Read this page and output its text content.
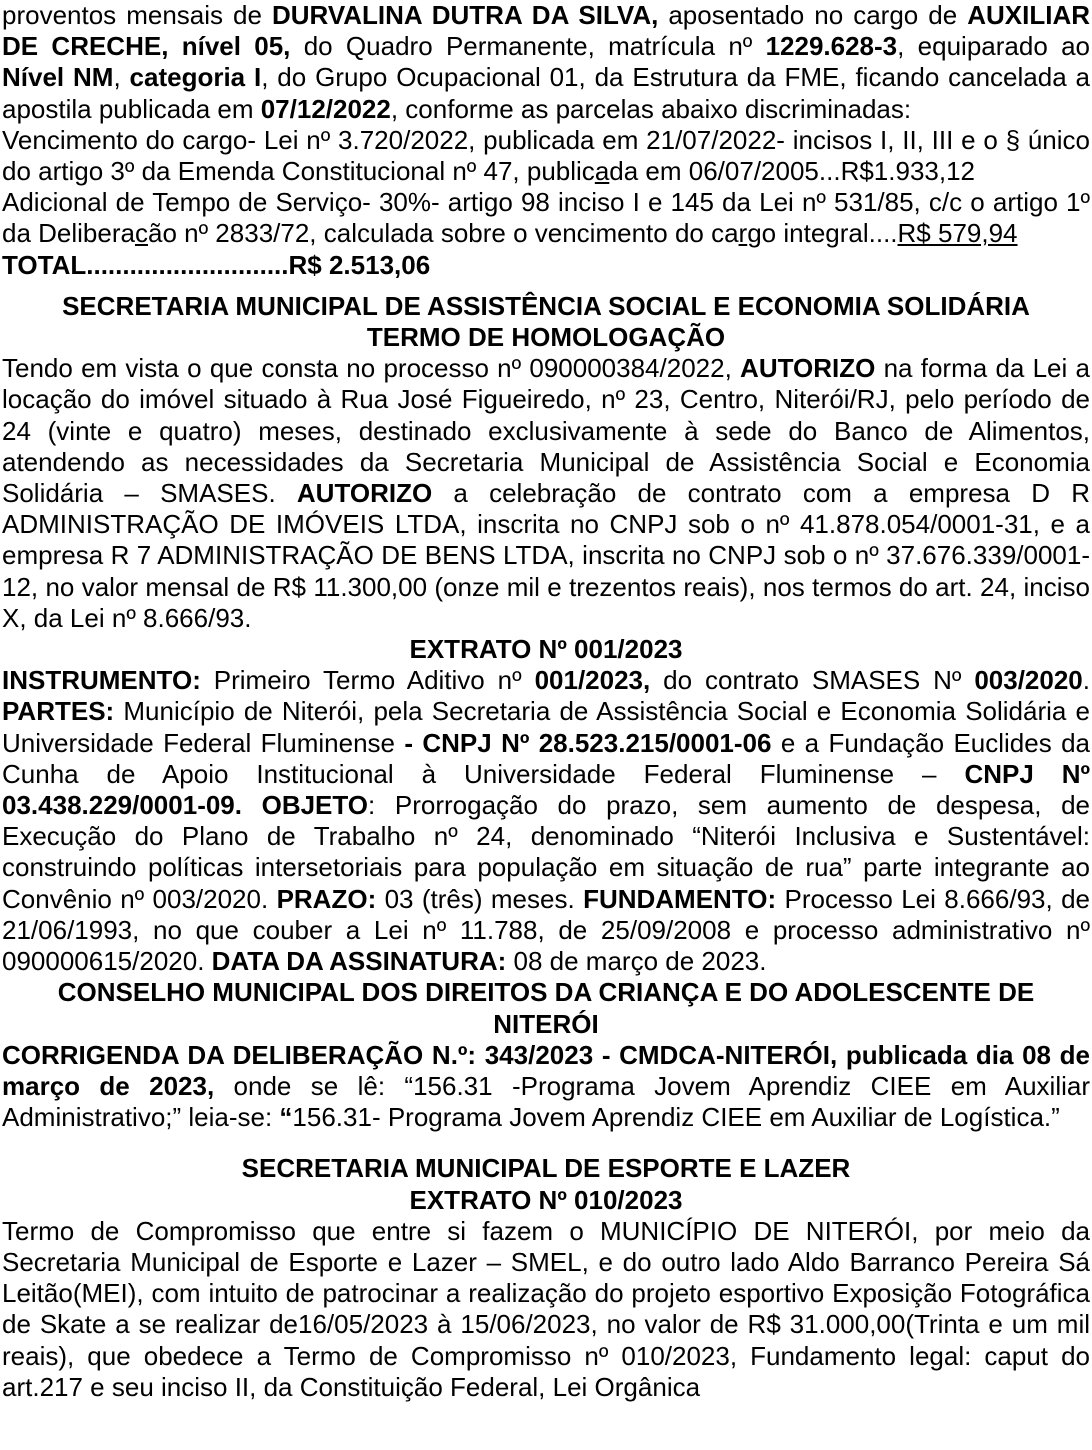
proventos mensais de DURVALINA DUTRA DA SILVA, aposentado no cargo de AUXILIAR DE CRECHE, nível 05, do Quadro Permanente, matrícula nº 1229.628-3, equiparado ao Nível NM, categoria I, do Grupo Ocupacional 01, da Estrutura da FME, ficando cancelada a apostila publicada em 07/12/2022, conforme as parcelas abaixo discriminadas:

Vencimento do cargo- Lei nº 3.720/2022, publicada em 21/07/2022- incisos I, II, III e o § único do artigo 3º da Emenda Constitucional nº 47, publicada em 06/07/2005...R$1.933,12

Adicional de Tempo de Serviço- 30%- artigo 98 inciso I e 145 da Lei nº 531/85, c/c o artigo 1º da Deliberacão nº 2833/72, calculada sobre o vencimento do cargo integral....R$ 579,94

TOTAL............................R$ 2.513,06

SECRETARIA MUNICIPAL DE ASSISTÊNCIA SOCIAL E ECONOMIA SOLIDÁRIA
TERMO DE HOMOLOGAÇÃO

Tendo em vista o que consta no processo nº 090000384/2022, AUTORIZO na forma da Lei a locação do imóvel situado à Rua José Figueiredo, nº 23, Centro, Niterói/RJ, pelo período de 24 (vinte e quatro) meses, destinado exclusivamente à sede do Banco de Alimentos, atendendo as necessidades da Secretaria Municipal de Assistência Social e Economia Solidária – SMASES. AUTORIZO a celebração de contrato com a empresa D R ADMINISTRAÇÃO DE IMÓVEIS LTDA, inscrita no CNPJ sob o nº 41.878.054/0001-31, e a empresa R 7 ADMINISTRAÇÃO DE BENS LTDA, inscrita no CNPJ sob o nº 37.676.339/0001-12, no valor mensal de R$ 11.300,00 (onze mil e trezentos reais), nos termos do art. 24, inciso X, da Lei nº 8.666/93.

EXTRATO Nº 001/2023

INSTRUMENTO: Primeiro Termo Aditivo nº 001/2023, do contrato SMASES Nº 003/2020. PARTES: Município de Niterói, pela Secretaria de Assistência Social e Economia Solidária e Universidade Federal Fluminense - CNPJ Nº 28.523.215/0001-06 e a Fundação Euclides da Cunha de Apoio Institucional à Universidade Federal Fluminense – CNPJ Nº 03.438.229/0001-09. OBJETO: Prorrogação do prazo, sem aumento de despesa, de Execução do Plano de Trabalho nº 24, denominado “Niterói Inclusiva e Sustentável: construindo políticas intersetoriais para população em situação de rua” parte integrante ao Convênio nº 003/2020. PRAZO: 03 (três) meses. FUNDAMENTO: Processo Lei 8.666/93, de 21/06/1993, no que couber a Lei nº 11.788, de 25/09/2008 e processo administrativo nº 090000615/2020. DATA DA ASSINATURA: 08 de março de 2023.

CONSELHO MUNICIPAL DOS DIREITOS DA CRIANÇA E DO ADOLESCENTE DE NITERÓI

CORRIGENDA DA DELIBERAÇÃO N.º: 343/2023 - CMDCA-NITERÓI, publicada dia 08 de março de 2023, onde se lê: “156.31 -Programa Jovem Aprendiz CIEE em Auxiliar Administrativo;” leia-se: “156.31- Programa Jovem Aprendiz CIEE em Auxiliar de Logística.”

SECRETARIA MUNICIPAL DE ESPORTE E LAZER
EXTRATO Nº 010/2023

Termo de Compromisso que entre si fazem o MUNICÍPIO DE NITERÓI, por meio da Secretaria Municipal de Esporte e Lazer – SMEL, e do outro lado Aldo Barranco Pereira Sá Leitão(MEI), com intuito de patrocinar a realização do projeto esportivo Exposição Fotográfica de Skate a se realizar de16/05/2023 à 15/06/2023, no valor de R$ 31.000,00(Trinta e um mil reais), que obedece a Termo de Compromisso nº 010/2023, Fundamento legal: caput do art.217 e seu inciso II, da Constituição Federal, Lei Orgânica
